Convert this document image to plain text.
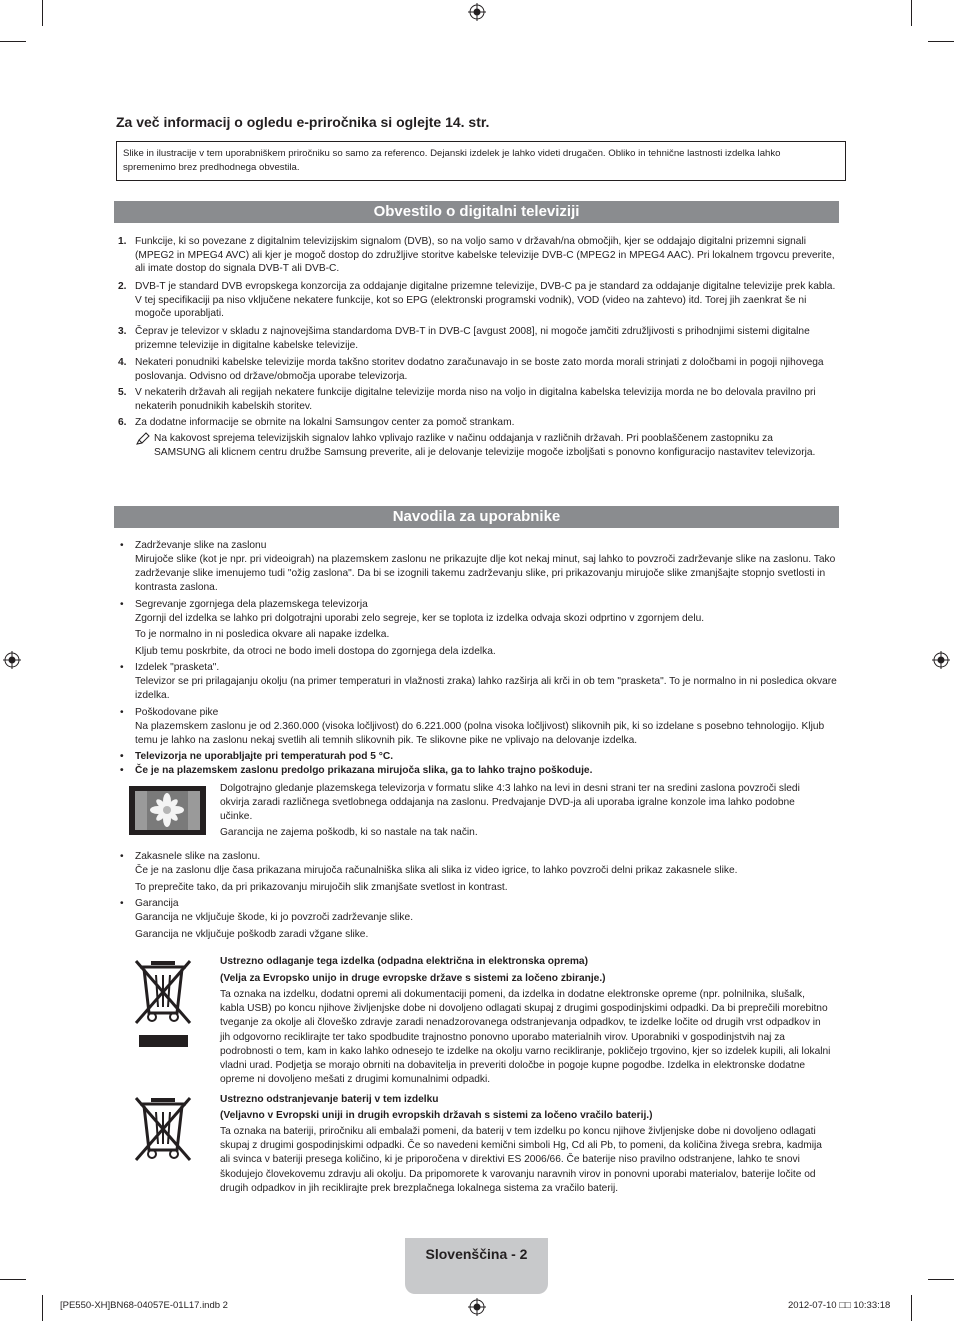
Za več informacij o ogledu e-priročnika si oglejte 14. str.
Slike in ilustracije v tem uporabniškem priročniku so samo za referenco. Dejanski izdelek je lahko videti drugačen. Obliko in tehnične lastnosti izdelka lahko spremenimo brez predhodnega obvestila.
Obvestilo o digitalni televiziji
1. Funkcije, ki so povezane z digitalnim televizijskim signalom (DVB), so na voljo samo v državah/na območjih, kjer se oddajajo digitalni prizemni signali (MPEG2 in MPEG4 AVC) ali kjer je mogoč dostop do združljive storitve kabelske televizije DVB-C (MPEG2 in MPEG4 AAC). Pri lokalnem trgovcu preverite, ali imate dostop do signala DVB-T ali DVB-C.
2. DVB-T je standard DVB evropskega konzorcija za oddajanje digitalne prizemne televizije, DVB-C pa je standard za oddajanje digitalne televizije prek kabla. V tej specifikaciji pa niso vključene nekatere funkcije, kot so EPG (elektronski programski vodnik), VOD (video na zahtevo) itd. Torej jih zaenkrat še ni mogoče uporabljati.
3. Čeprav je televizor v skladu z najnovejšima standardoma DVB-T in DVB-C [avgust 2008], ni mogoče jamčiti združljivosti s prihodnjimi sistemi digitalne prizemne televizije in digitalne kabelske televizije.
4. Nekateri ponudniki kabelske televizije morda takšno storitev dodatno zaračunavajo in se boste zato morda morali strinjati z določbami in pogoji njihovega poslovanja. Odvisno od države/območja uporabe televizorja.
5. V nekaterih državah ali regijah nekatere funkcije digitalne televizije morda niso na voljo in digitalna kabelska televizija morda ne bo delovala pravilno pri nekaterih ponudnikih kabelskih storitev.
6. Za dodatne informacije se obrnite na lokalni Samsungov center za pomoč strankam.
Na kakovost sprejema televizijskih signalov lahko vplivajo razlike v načinu oddajanja v različnih državah. Pri pooblaščenem zastopniku za SAMSUNG ali klicnem centru družbe Samsung preverite, ali je delovanje televizije mogoče izboljšati s ponovno konfiguracijo nastavitev televizorja.
Navodila za uporabnike
• Zadrževanje slike na zaslonu
Mirujoče slike (kot je npr. pri videoigrah) na plazemskem zaslonu ne prikazujte dlje kot nekaj minut, saj lahko to povzroči zadrževanje slike na zaslonu. Tako zadrževanje slike imenujemo tudi "ožig zaslona". Da bi se izognili takemu zadrževanju slike, pri prikazovanju mirujoče slike zmanjšajte stopnjo svetlosti in kontrasta zaslona.
• Segrevanje zgornjega dela plazemskega televizorja
Zgornji del izdelka se lahko pri dolgotrajni uporabi zelo segreje, ker se toplota iz izdelka odvaja skozi odprtino v zgornjem delu.
To je normalno in ni posledica okvare ali napake izdelka.
Kljub temu poskrbite, da otroci ne bodo imeli dostopa do zgornjega dela izdelka.
• Izdelek "prasketa".
Televizor se pri prilagajanju okolju (na primer temperaturi in vlažnosti zraka) lahko razširja ali krči in ob tem "prasketa". To je normalno in ni posledica okvare izdelka.
• Poškodovane pike
Na plazemskem zaslonu je od 2.360.000 (visoka ločljivost) do 6.221.000 (polna visoka ločljivost) slikovnih pik, ki so izdelane s posebno tehnologijo. Kljub temu je lahko na zaslonu nekaj svetlih ali temnih slikovnih pik. Te slikovne pike ne vplivajo na delovanje izdelka.
• Televizorja ne uporabljajte pri temperaturah pod 5 °C.
• Če je na plazemskem zaslonu predolgo prikazana mirujoča slika, ga to lahko trajno poškoduje.
Dolgotrajno gledanje plazemskega televizorja v formatu slike 4:3 lahko na levi in desni strani ter na sredini zaslona povzroči sledi okvirja zaradi različnega svetlobnega oddajanja na zaslonu. Predvajanje DVD-ja ali uporaba igralne konzole ima lahko podobne učinke.
Garancija ne zajema poškodb, ki so nastale na tak način.
• Zakasnele slike na zaslonu.
Če je na zaslonu dlje časa prikazana mirujoča računalniška slika ali slika iz video igrice, to lahko povzroči delni prikaz zakasnele slike.
To preprečite tako, da pri prikazovanju mirujočih slik zmanjšate svetlost in kontrast.
• Garancija
Garancija ne vključuje škode, ki jo povzroči zadrževanje slike.
Garancija ne vključuje poškodb zaradi vžgane slike.
Ustrezno odlaganje tega izdelka (odpadna električna in elektronska oprema)
(Velja za Evropsko unijo in druge evropske države s sistemi za ločeno zbiranje.)
Ta oznaka na izdelku, dodatni opremi ali dokumentaciji pomeni, da izdelka in dodatne elektronske opreme (npr. polnilnika, slušalk, kabla USB) po koncu njihove življenjske dobe ni dovoljeno odlagati skupaj z drugimi gospodinjskimi odpadki. Da bi preprečili morebitno tveganje za okolje ali človeško zdravje zaradi nenadzorovanega odstranjevanja odpadkov, te izdelke ločite od drugih vrst odpadkov in jih odgovorno reciklirajte ter tako spodbudite trajnostno ponovno uporabo materialnih virov. Uporabniki v gospodinjstvih naj za podrobnosti o tem, kam in kako lahko odnesejo te izdelke na okolju varno recikliranje, pokličejo trgovino, kjer so izdelek kupili, ali lokalni vladni urad. Podjetja se morajo obrniti na dobavitelja in preveriti določbe in pogoje kupne pogodbe. Izdelka in elektronske dodatne opreme ni dovoljeno mešati z drugimi komunalnimi odpadki.
Ustrezno odstranjevanje baterij v tem izdelku
(Veljavno v Evropski uniji in drugih evropskih državah s sistemi za ločeno vračilo baterij.)
Ta oznaka na bateriji, priročniku ali embalaži pomeni, da baterij v tem izdelku po koncu njihove življenjske dobe ni dovoljeno odlagati skupaj z drugimi gospodinjskimi odpadki. Če so navedeni kemični simboli Hg, Cd ali Pb, to pomeni, da količina živega srebra, kadmija ali svinca v bateriji presega količino, ki je priporočena v direktivi ES 2006/66. Če baterije niso pravilno odstranjene, lahko te snovi škodujejo človekovemu zdravju ali okolju. Da pripomorete k varovanju naravnih virov in ponovni uporabi materialov, baterije ločite od drugih odpadkov in jih reciklirajte prek brezplačnega lokalnega sistema za vračilo baterij.
Slovenščina - 2
[PE550-XH]BN68-04057E-01L17.indb 2	2012-07-10 □□ 10:33:18
